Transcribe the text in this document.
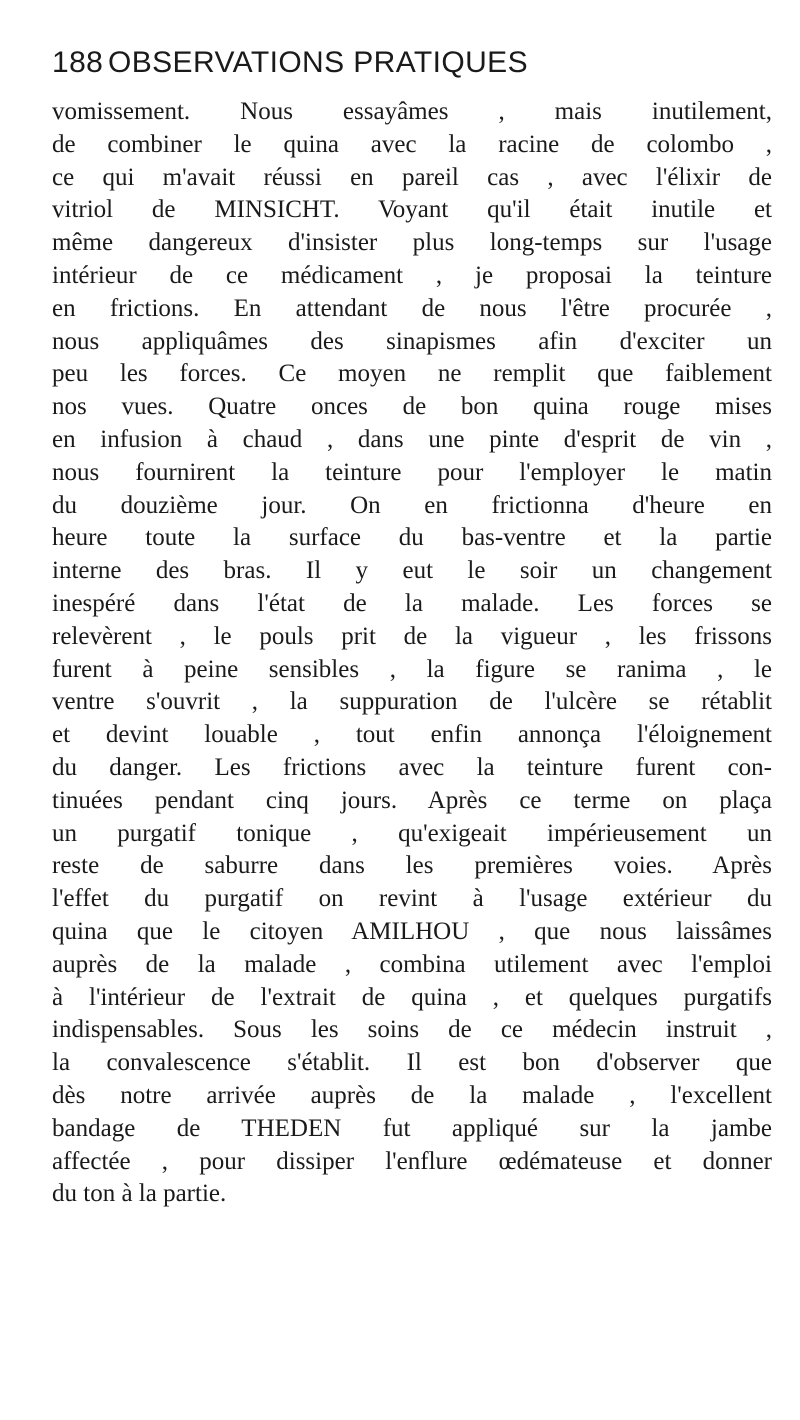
188 OBSERVATIONS PRATIQUES
vomissement. Nous essayâmes , mais inutilement,
de combiner le quina avec la racine de colombo ,
ce qui m'avait réussi en pareil cas , avec l'élixir de
vitriol de MINSICHT. Voyant qu'il était inutile et
même dangereux d'insister plus long-temps sur l'usage
intérieur de ce médicament , je proposai la teinture
en frictions. En attendant de nous l'être procurée ,
nous appliquâmes des sinapismes afin d'exciter un
peu les forces. Ce moyen ne remplit que faiblement
nos vues. Quatre onces de bon quina rouge mises
en infusion à chaud , dans une pinte d'esprit de vin ,
nous fournirent la teinture pour l'employer le matin
du douzième jour. On en frictionna d'heure en
heure toute la surface du bas-ventre et la partie
interne des bras. Il y eut le soir un changement
inespéré dans l'état de la malade. Les forces se
relevèrent , le pouls prit de la vigueur , les frissons
furent à peine sensibles , la figure se ranima , le
ventre s'ouvrit , la suppuration de l'ulcère se rétablit
et devint louable , tout enfin annonça l'éloignement
du danger. Les frictions avec la teinture furent con-
tinuées pendant cinq jours. Après ce terme on plaça
un purgatif tonique , qu'exigeait impérieusement un
reste de saburre dans les premières voies. Après
l'effet du purgatif on revint à l'usage extérieur du
quina que le citoyen AMILHOU , que nous laissâmes
auprès de la malade , combina utilement avec l'emploi
à l'intérieur de l'extrait de quina , et quelques purgatifs
indispensables. Sous les soins de ce médecin instruit ,
la convalescence s'établit. Il est bon d'observer que
dès notre arrivée auprès de la malade , l'excellent
bandage de THEDEN fut appliqué sur la jambe
affectée , pour dissiper l'enflure œdémateuse et donner
du ton à la partie.
